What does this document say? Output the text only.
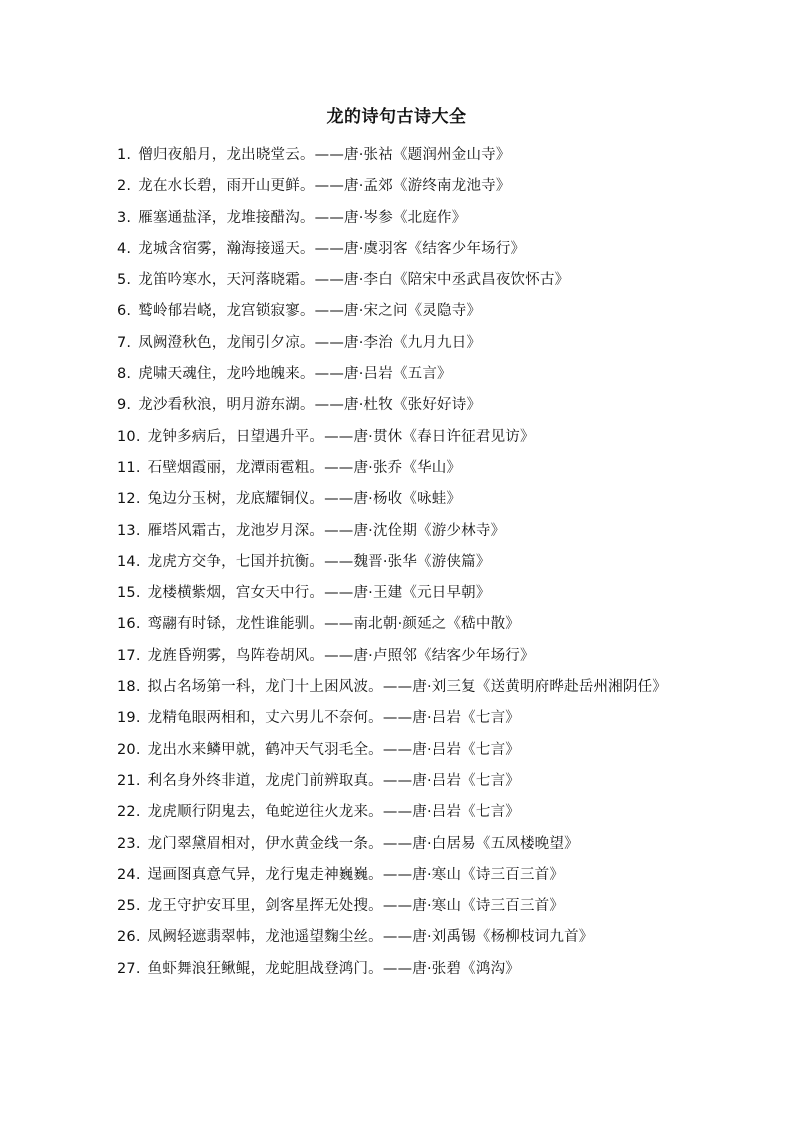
龙的诗句古诗大全
1. 僧归夜船月，龙出晓堂云。——唐·张祜《题润州金山寺》
2. 龙在水长碧，雨开山更鲜。——唐·孟郊《游终南龙池寺》
3. 雁塞通盐泽，龙堆接醋沟。——唐·岑参《北庭作》
4. 龙城含宿雾，瀚海接遥天。——唐·虞羽客《结客少年场行》
5. 龙笛吟寒水，天河落晓霜。——唐·李白《陪宋中丞武昌夜饮怀古》
6. 鹫岭郁岩峣，龙宫锁寂寥。——唐·宋之问《灵隐寺》
7. 凤阙澄秋色，龙闱引夕凉。——唐·李治《九月九日》
8. 虎啸天魂住，龙吟地魄来。——唐·吕岩《五言》
9. 龙沙看秋浪，明月游东湖。——唐·杜牧《张好好诗》
10. 龙钟多病后，日望遇升平。——唐·贯休《春日许征君见访》
11. 石壁烟霞丽，龙潭雨雹粗。——唐·张乔《华山》
12. 兔边分玉树，龙底耀铜仪。——唐·杨收《咏蛙》
13. 雁塔风霜古，龙池岁月深。——唐·沈佺期《游少林寺》
14. 龙虎方交争，七国并抗衡。——魏晋·张华《游侠篇》
15. 龙楼横紫烟，宫女天中行。——唐·王建《元日早朝》
16. 鸾翮有时铩，龙性谁能驯。——南北朝·颜延之《嵇中散》
17. 龙旌昏朔雾，鸟阵卷胡风。——唐·卢照邻《结客少年场行》
18. 拟占名场第一科，龙门十上困风波。——唐·刘三复《送黄明府晔赴岳州湘阴任》
19. 龙精龟眼两相和，丈六男儿不奈何。——唐·吕岩《七言》
20. 龙出水来鳞甲就，鹤冲天气羽毛全。——唐·吕岩《七言》
21. 利名身外终非道，龙虎门前辨取真。——唐·吕岩《七言》
22. 龙虎顺行阴鬼去，龟蛇逆往火龙来。——唐·吕岩《七言》
23. 龙门翠黛眉相对，伊水黄金线一条。——唐·白居易《五凤楼晚望》
24. 逞画图真意气异，龙行鬼走神巍巍。——唐·寒山《诗三百三首》
25. 龙王守护安耳里，剑客星挥无处搜。——唐·寒山《诗三百三首》
26. 凤阙轻遮翡翠帏，龙池遥望麴尘丝。——唐·刘禹锡《杨柳枝词九首》
27. 鱼虾舞浪狂鳅鲲，龙蛇胆战登鸿门。——唐·张碧《鸿沟》
